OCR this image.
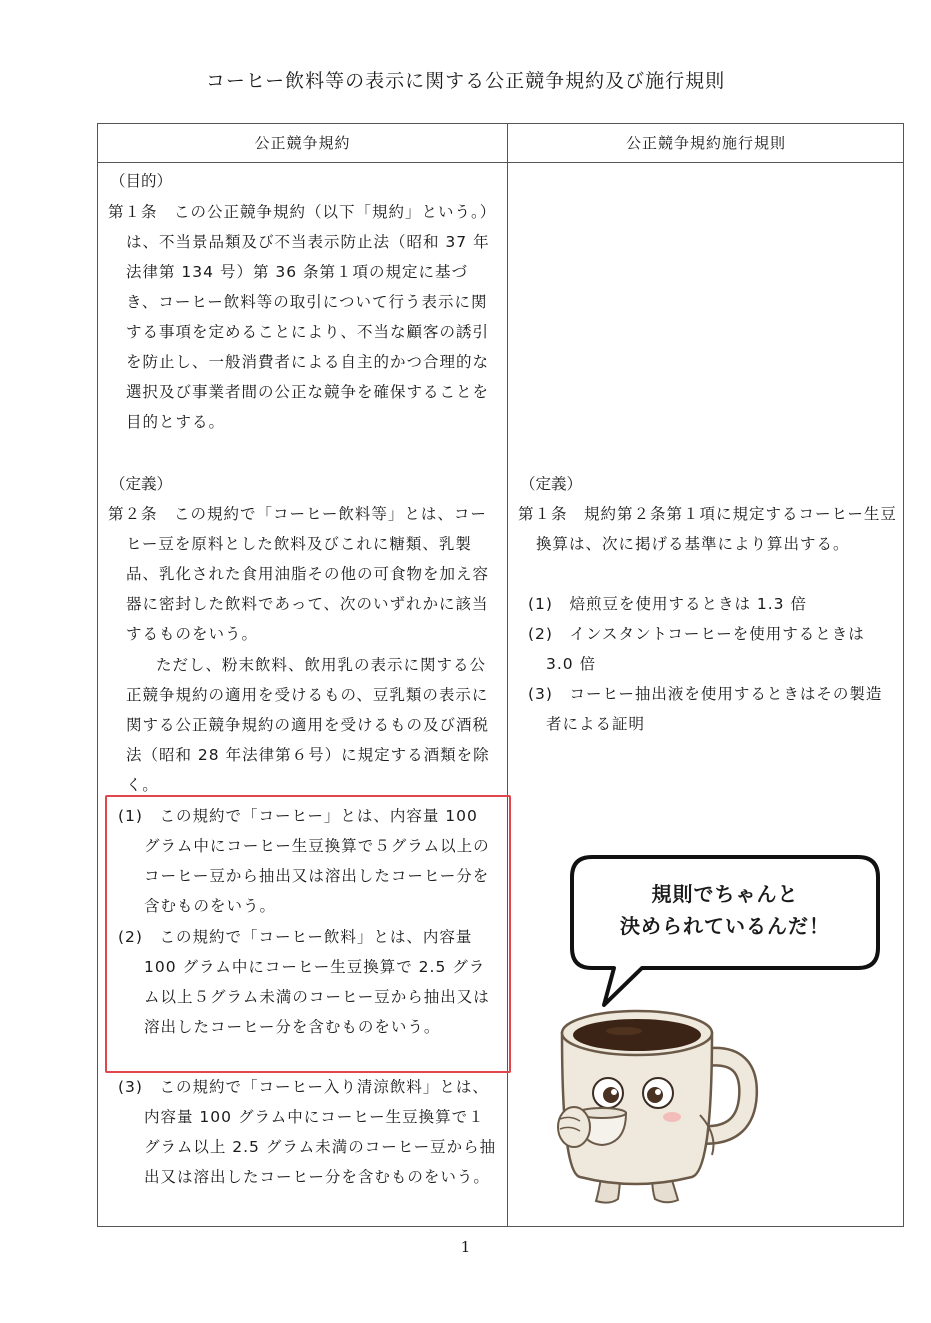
コーヒー飲料等の表示に関する公正競争規約及び施行規則
公正競争規約	公正競争規約施行規則
（目的）
第１条　この公正競争規約（以下「規約」という。）は、不当景品類及び不当表示防止法（昭和 37 年法律第 134 号）第 36 条第１項の規定に基づき、コーヒー飲料等の取引について行う表示に関する事項を定めることにより、不当な顧客の誘引を防止し、一般消費者による自主的かつ合理的な選択及び事業者間の公正な競争を確保することを目的とする。
（定義）
第２条　この規約で「コーヒー飲料等」とは、コーヒー豆を原料とした飲料及びこれに糖類、乳製品、乳化された食用油脂その他の可食物を加え容器に密封した飲料であって、次のいずれかに該当するものをいう。
ただし、粉末飲料、飲用乳の表示に関する公正競争規約の適用を受けるもの、豆乳類の表示に関する公正競争規約の適用を受けるもの及び酒税法（昭和 28 年法律第６号）に規定する酒類を除く。
(1)　この規約で「コーヒー」とは、内容量 100 グラム中にコーヒー生豆換算で５グラム以上のコーヒー豆から抽出又は溶出したコーヒー分を含むものをいう。
(2)　この規約で「コーヒー飲料」とは、内容量 100 グラム中にコーヒー生豆換算で 2.5 グラム以上５グラム未満のコーヒー豆から抽出又は溶出したコーヒー分を含むものをいう。
(3)　この規約で「コーヒー入り清涼飲料」とは、　内容量 100 グラム中にコーヒー生豆換算で１グラム以上 2.5 グラム未満のコーヒー豆から抽出又は溶出したコーヒー分を含むものをいう。
（定義）
第１条　規約第２条第１項に規定するコーヒー生豆換算は、次に掲げる基準により算出する。
(1)　焙煎豆を使用するときは 1.3 倍
(2)　インスタントコーヒーを使用するときは 3.0 倍
(3)　コーヒー抽出液を使用するときはその製造者による証明
規則でちゃんと
決められているんだ！
1
